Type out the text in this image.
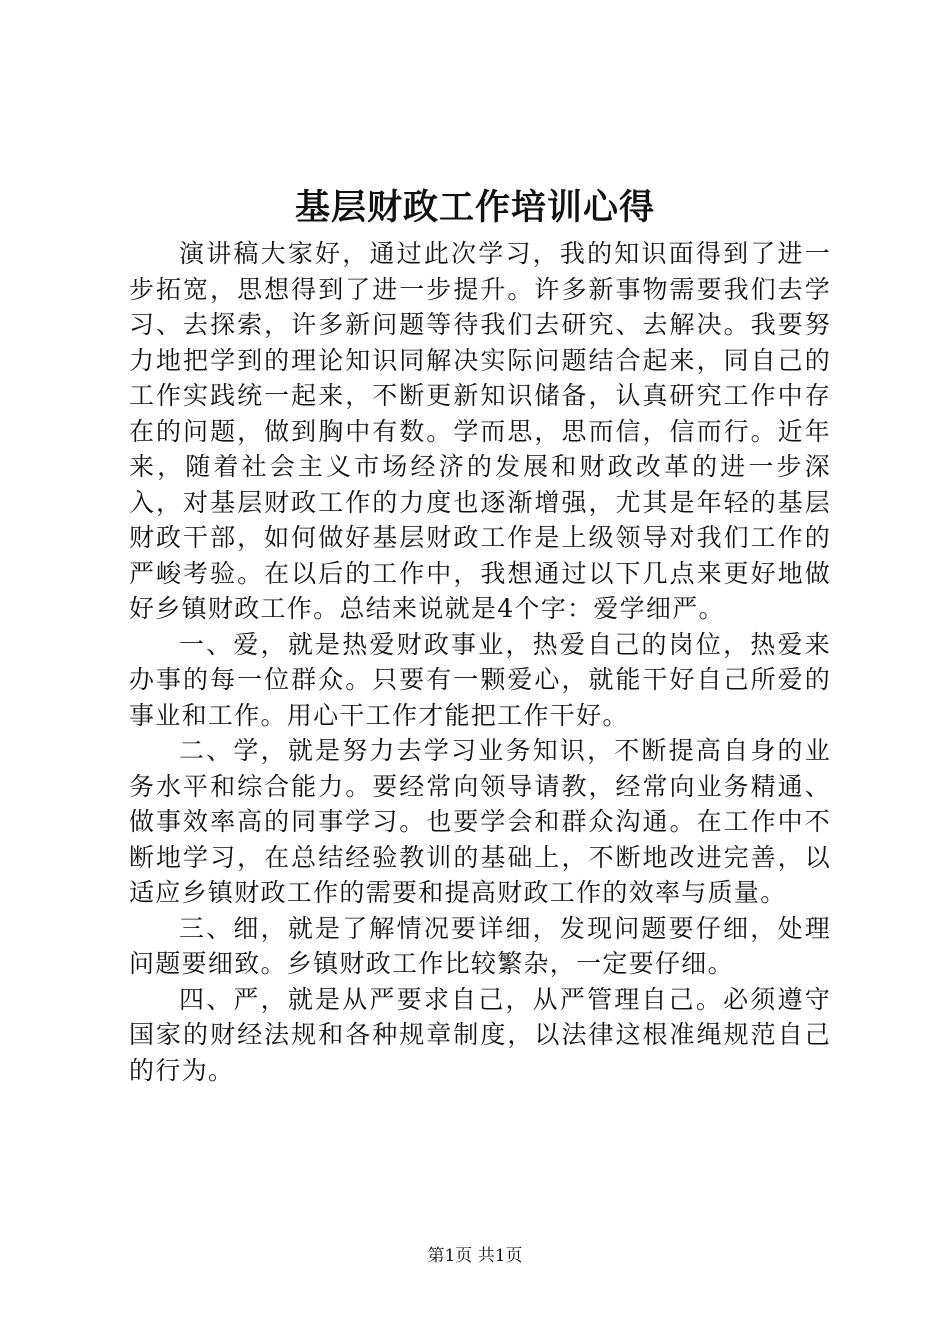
基层财政工作培训心得

演讲稿大家好，通过此次学习，我的知识面得到了进一步拓宽，思想得到了进一步提升。许多新事物需要我们去学习、去探索，许多新问题等待我们去研究、去解决。我要努力地把学到的理论知识同解决实际问题结合起来，同自己的工作实践统一起来，不断更新知识储备，认真研究工作中存在的问题，做到胸中有数。学而思，思而信，信而行。近年来，随着社会主义市场经济的发展和财政改革的进一步深入，对基层财政工作的力度也逐渐增强，尤其是年轻的基层财政干部，如何做好基层财政工作是上级领导对我们工作的严峻考验。在以后的工作中，我想通过以下几点来更好地做好乡镇财政工作。总结来说就是4个字：爱学细严。

一、爱，就是热爱财政事业，热爱自己的岗位，热爱来办事的每一位群众。只要有一颗爱心，就能干好自己所爱的事业和工作。用心干工作才能把工作干好。

二、学，就是努力去学习业务知识，不断提高自身的业务水平和综合能力。要经常向领导请教，经常向业务精通、做事效率高的同事学习。也要学会和群众沟通。在工作中不断地学习，在总结经验教训的基础上，不断地改进完善，以适应乡镇财政工作的需要和提高财政工作的效率与质量。

三、细，就是了解情况要详细，发现问题要仔细，处理问题要细致。乡镇财政工作比较繁杂，一定要仔细。

四、严，就是从严要求自己，从严管理自己。必须遵守国家的财经法规和各种规章制度，以法律这根准绳规范自己的行为。

第1页 共1页
